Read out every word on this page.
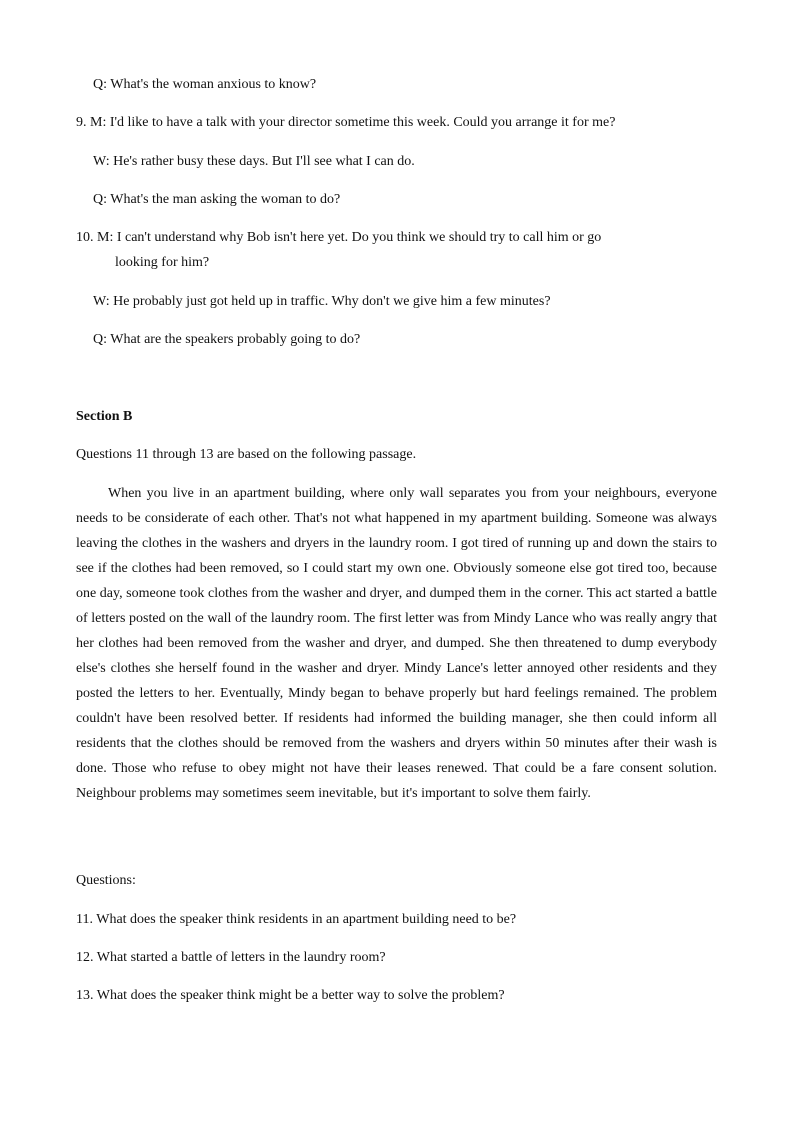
Q: What's the woman anxious to know?

9. M: I'd like to have a talk with your director sometime this week. Could you arrange it for me?

W: He's rather busy these days. But I'll see what I can do.

Q: What's the man asking the woman to do?

10. M: I can't understand why Bob isn't here yet. Do you think we should try to call him or go

looking for him?

W: He probably just got held up in traffic. Why don't we give him a few minutes?

Q: What are the speakers probably going to do?

Section B

Questions 11 through 13 are based on the following passage.

When you live in an apartment building, where only wall separates you from your neighbours, everyone needs to be considerate of each other. That's not what happened in my apartment building. Someone was always leaving the clothes in the washers and dryers in the laundry room. I got tired of running up and down the stairs to see if the clothes had been removed, so I could start my own one. Obviously someone else got tired too, because one day, someone took clothes from the washer and dryer, and dumped them in the corner. This act started a battle of letters posted on the wall of the laundry room. The first letter was from Mindy Lance who was really angry that her clothes had been removed from the washer and dryer, and dumped. She then threatened to dump everybody else's clothes she herself found in the washer and dryer. Mindy Lance's letter annoyed other residents and they posted the letters to her. Eventually, Mindy began to behave properly but hard feelings remained. The problem couldn't have been resolved better. If residents had informed the building manager, she then could inform all residents that the clothes should be removed from the washers and dryers within 50 minutes after their wash is done. Those who refuse to obey might not have their leases renewed. That could be a fare consent solution. Neighbour problems may sometimes seem inevitable, but it's important to solve them fairly.

Questions:

11. What does the speaker think residents in an apartment building need to be?

12. What started a battle of letters in the laundry room?

13. What does the speaker think might be a better way to solve the problem?
